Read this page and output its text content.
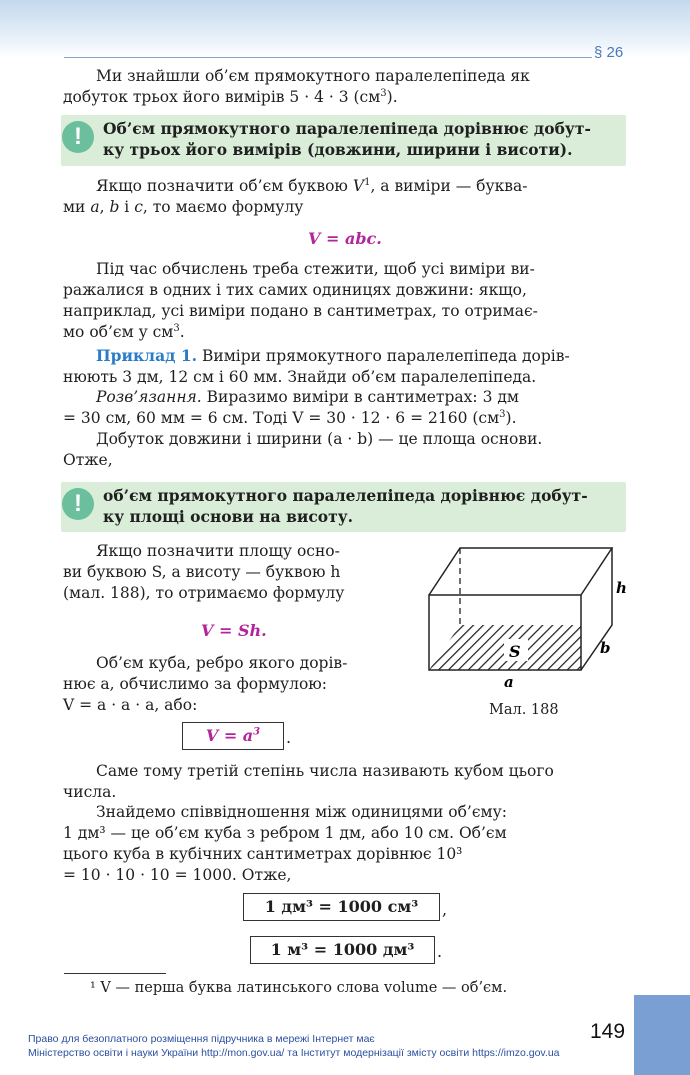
§ 26

Ми знайшли об’єм прямокутного паралелепіпеда як
добуток трьох його вимірів 5 · 4 · 3 $(см^3)$.

!	Об’єм прямокутного паралелепіпеда дорівнює добут-
ку трьох його вимірів (довжини, ширини і висоти).

Якщо позначити об’єм буквою $V^1$, а виміри — буква-
ми a, b і c, то маємо формулу

V = abc.

Під час обчислень треба стежити, щоб усі виміри ви-
ражалися в одних і тих самих одиницях довжини: якщо,
наприклад, усі виміри подано в сантиметрах, то отримає-
мо об’єм у $см^3$.

Приклад 1. Виміри прямокутного паралелепіпеда дорів-
нюють 3 дм, 12 см і 60 мм. Знайди об’єм паралелепіпеда.

Розв’язання. Виразимо виміри в сантиметрах: 3 дм
= 30 см, 60 мм = 6 см. Тоді V = 30 · 12 · 6 = 2160 $(см^3)$.

Добуток довжини і ширини (a · b) — це площа основи.
Отже,

!	об’єм прямокутного паралелепіпеда дорівнює добут-
ку площі основи на висоту.

Якщо позначити площу осно-
ви буквою S, а висоту — буквою h
(мал. 188), то отримаємо формулу

V = Sh.

Об’єм куба, ребро якого дорів-
нює a, обчислимо за формулою:
V = a · a · a, або:

$V = a^3$	.
S
h
b
a
Мал. 188

Саме тому третій степінь числа називають кубом цього
числа.

Знайдемо співвідношення між одиницями об’єму:
1 дм³ — це об’єм куба з ребром 1 дм, або 10 см. Об’єм
цього куба в кубічних сантиметрах дорівнює 10³
= 10 · 10 · 10 = 1000. Отже,

1 дм³ = 1000 см³	,
1 м³ = 1000 дм³	.
¹ V — перша буква латинського слова volume — об’єм.
Право для безоплатного розміщення підручника в мережі Інтернет має
Міністерство освіти і науки України http://mon.gov.ua/ та Інститут модернізації змісту освіти https://imzo.gov.ua
149
